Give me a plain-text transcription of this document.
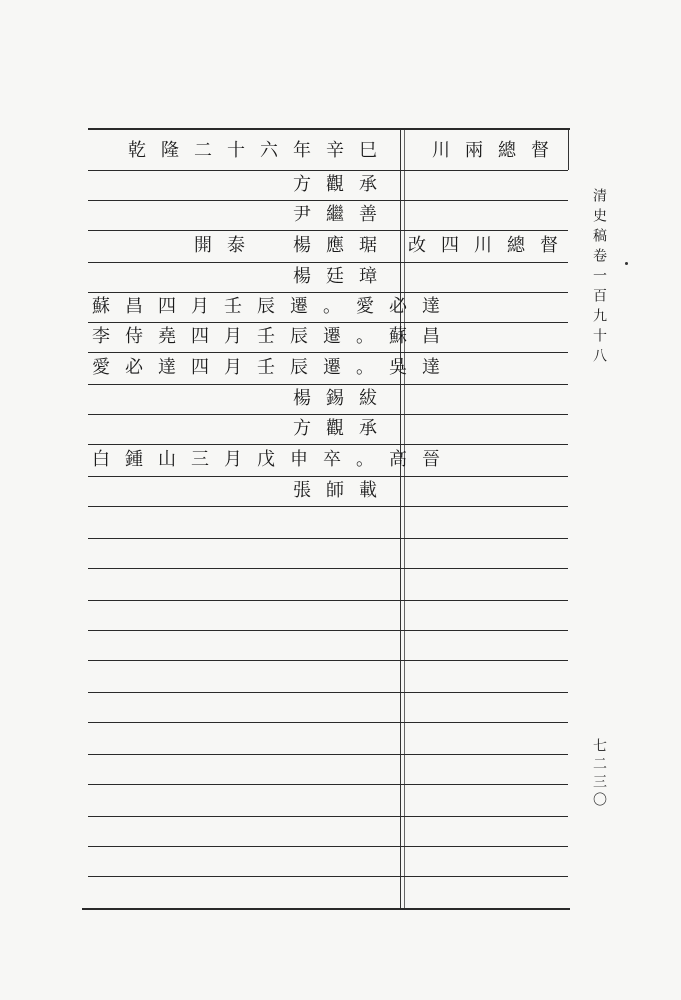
乾隆二十六年辛巳
方觀承
尹繼善
開泰　楊應琚
楊廷璋
蘇昌四月壬辰遷。愛必達
李侍堯四月壬辰遷。蘇昌
愛必達四月壬辰遷。吳達
楊錫紱
方觀承
白鍾山三月戊申卒。高晉
張師載
川兩總督
改四川總督 清史稿卷一百九十八
七二三〇
